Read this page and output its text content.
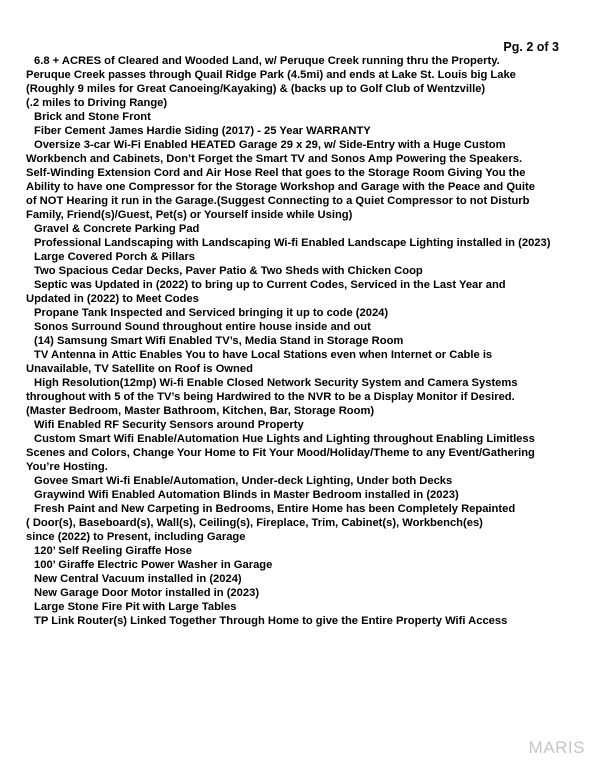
Pg. 2 of 3
6.8 + ACRES of Cleared and Wooded Land, w/ Peruque Creek running thru the Property.
Peruque Creek passes through Quail Ridge Park (4.5mi) and ends at Lake St. Louis big Lake
(Roughly 9 miles for Great Canoeing/Kayaking) & (backs up to Golf Club of Wentzville)
(.2 miles to Driving Range)
Brick and Stone Front
Fiber Cement James Hardie Siding (2017) - 25 Year WARRANTY
Oversize 3-car Wi-Fi Enabled HEATED Garage 29 x 29, w/ Side-Entry with a Huge Custom
Workbench and Cabinets, Don’t Forget the Smart TV and Sonos Amp Powering the Speakers.
Self-Winding Extension Cord and Air Hose Reel that goes to the Storage Room Giving You the
Ability to have one Compressor for the Storage Workshop and Garage with the Peace and Quite
of NOT Hearing it run in the Garage.(Suggest Connecting to a Quiet Compressor to not Disturb
Family, Friend(s)/Guest, Pet(s) or Yourself inside while Using)
Gravel & Concrete Parking Pad
Professional Landscaping with Landscaping Wi-fi Enabled Landscape Lighting installed in (2023)
Large Covered Porch & Pillars
Two Spacious Cedar Decks, Paver Patio & Two Sheds with Chicken Coop
Septic was Updated in (2022) to bring up to Current Codes, Serviced in the Last Year and
Updated in (2022) to Meet Codes
Propane Tank Inspected and Serviced bringing it up to code (2024)
Sonos Surround Sound throughout entire house inside and out
(14) Samsung Smart Wifi Enabled TV’s, Media Stand in Storage Room
TV Antenna in Attic Enables You to have Local Stations even when Internet or Cable is
Unavailable, TV Satellite on Roof is Owned
High Resolution(12mp) Wi-fi Enable Closed Network Security System and Camera Systems
throughout with 5 of the TV’s being Hardwired to the NVR to be a Display Monitor if Desired.
(Master Bedroom, Master Bathroom, Kitchen, Bar, Storage Room)
Wifi Enabled RF Security Sensors around Property
Custom Smart Wifi Enable/Automation Hue Lights and Lighting throughout Enabling Limitless
Scenes and Colors, Change Your Home to Fit Your Mood/Holiday/Theme to any Event/Gathering
You’re Hosting.
Govee Smart Wi-fi Enable/Automation, Under-deck Lighting, Under both Decks
Graywind Wifi Enabled Automation Blinds in Master Bedroom installed in (2023)
Fresh Paint and New Carpeting in Bedrooms, Entire Home has been Completely Repainted
( Door(s), Baseboard(s), Wall(s), Ceiling(s), Fireplace, Trim, Cabinet(s), Workbench(es)
since (2022) to Present, including Garage
120’ Self Reeling Giraffe Hose
100’ Giraffe Electric Power Washer in Garage
New Central Vacuum installed in (2024)
New Garage Door Motor installed in (2023)
Large Stone Fire Pit with Large Tables
TP Link Router(s) Linked Together Through Home to give the Entire Property Wifi Access
MARIS
